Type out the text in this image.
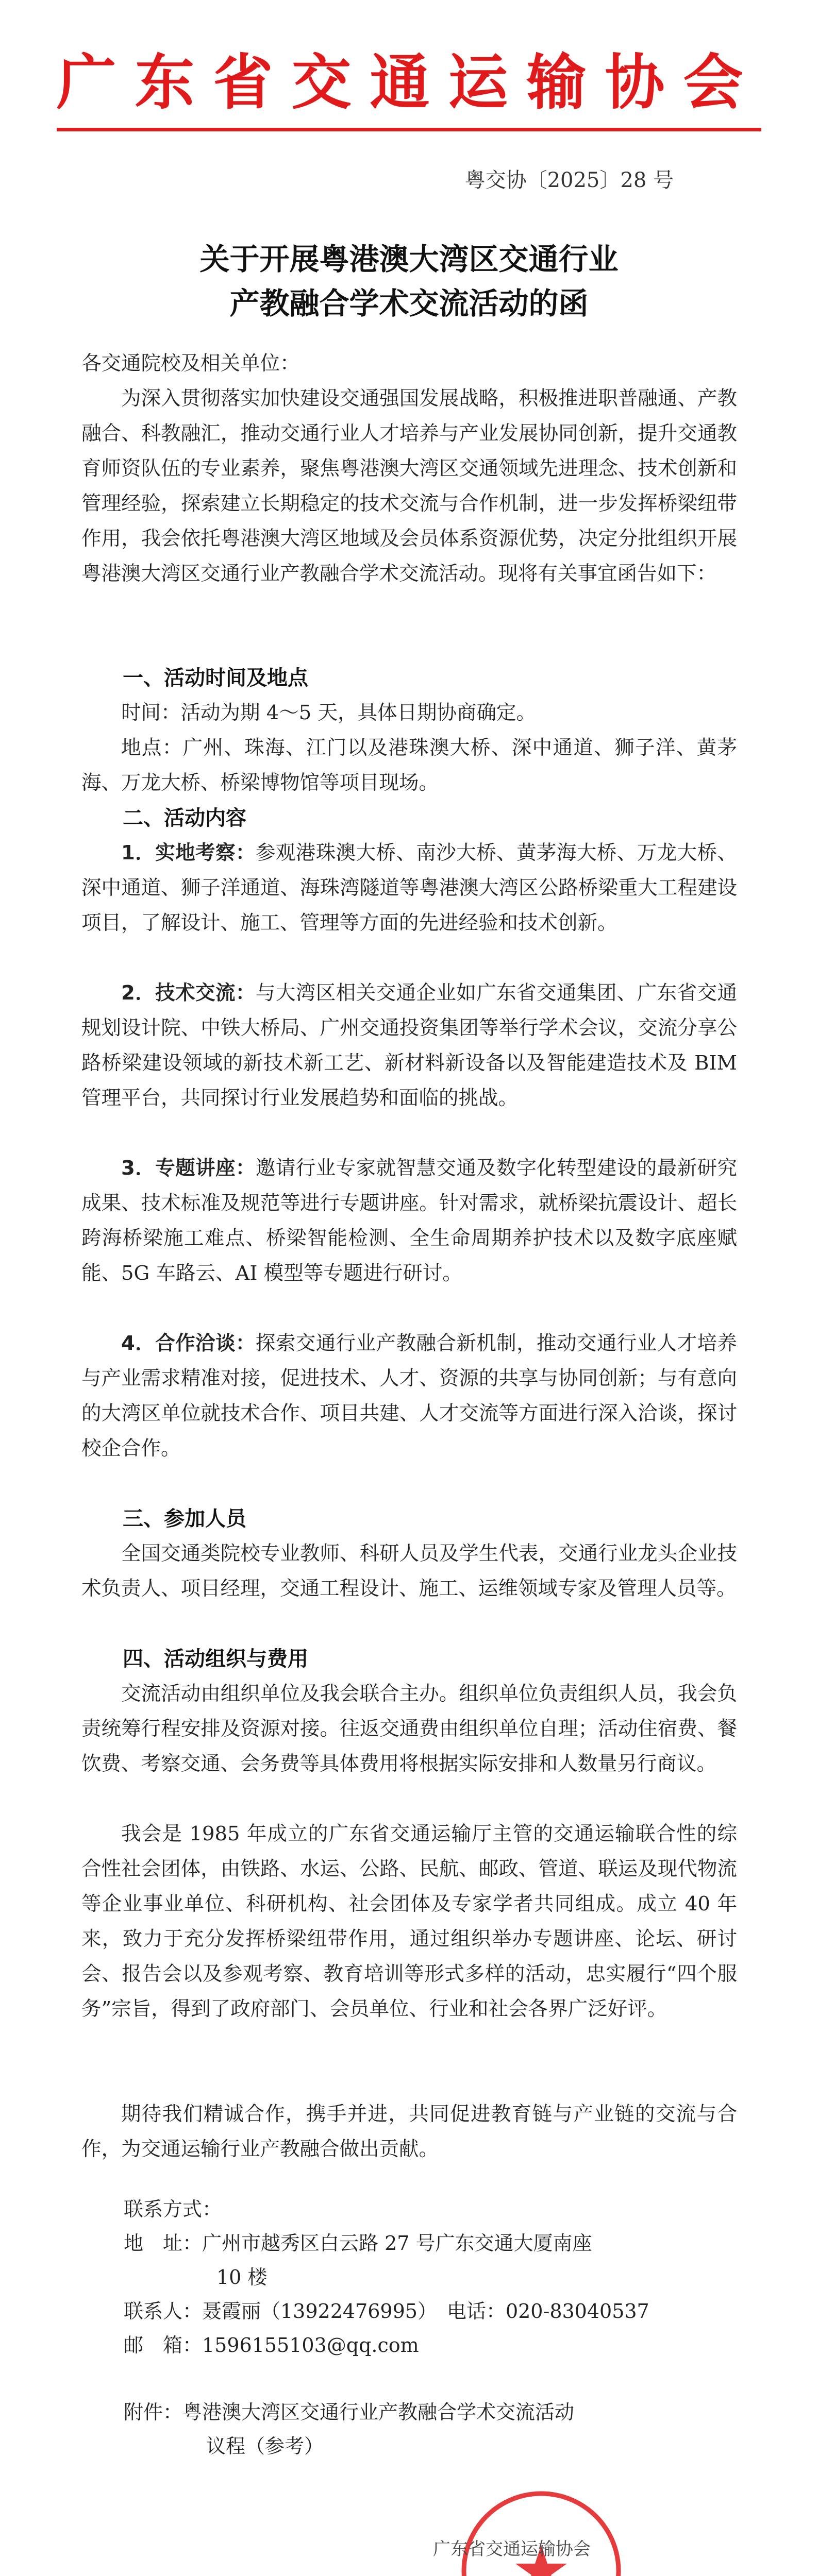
广东省交通运输协会
粤交协〔2025〕28 号
关于开展粤港澳大湾区交通行业
产教融合学术交流活动的函
各交通院校及相关单位：
为深入贯彻落实加快建设交通强国发展战略，积极推进职普融通、产教融合、科教融汇，推动交通行业人才培养与产业发展协同创新，提升交通教育师资队伍的专业素养，聚焦粤港澳大湾区交通领域先进理念、技术创新和管理经验，探索建立长期稳定的技术交流与合作机制，进一步发挥桥梁纽带作用，我会依托粤港澳大湾区地域及会员体系资源优势，决定分批组织开展粤港澳大湾区交通行业产教融合学术交流活动。现将有关事宜函告如下：
一、活动时间及地点
时间：活动为期 4～5 天，具体日期协商确定。
地点：广州、珠海、江门以及港珠澳大桥、深中通道、狮子洋、黄茅海、万龙大桥、桥梁博物馆等项目现场。
二、活动内容
1．实地考察：参观港珠澳大桥、南沙大桥、黄茅海大桥、万龙大桥、深中通道、狮子洋通道、海珠湾隧道等粤港澳大湾区公路桥梁重大工程建设项目，了解设计、施工、管理等方面的先进经验和技术创新。
2．技术交流：与大湾区相关交通企业如广东省交通集团、广东省交通规划设计院、中铁大桥局、广州交通投资集团等举行学术会议，交流分享公路桥梁建设领域的新技术新工艺、新材料新设备以及智能建造技术及 BIM 管理平台，共同探讨行业发展趋势和面临的挑战。
3．专题讲座：邀请行业专家就智慧交通及数字化转型建设的最新研究成果、技术标准及规范等进行专题讲座。针对需求，就桥梁抗震设计、超长跨海桥梁施工难点、桥梁智能检测、全生命周期养护技术以及数字底座赋能、5G 车路云、AI 模型等专题进行研讨。
4．合作洽谈：探索交通行业产教融合新机制，推动交通行业人才培养与产业需求精准对接，促进技术、人才、资源的共享与协同创新；与有意向的大湾区单位就技术合作、项目共建、人才交流等方面进行深入洽谈，探讨校企合作。
三、参加人员
全国交通类院校专业教师、科研人员及学生代表，交通行业龙头企业技术负责人、项目经理，交通工程设计、施工、运维领域专家及管理人员等。
四、活动组织与费用
交流活动由组织单位及我会联合主办。组织单位负责组织人员，我会负责统筹行程安排及资源对接。往返交通费由组织单位自理；活动住宿费、餐饮费、考察交通、会务费等具体费用将根据实际安排和人数量另行商议。
我会是 1985 年成立的广东省交通运输厅主管的交通运输联合性的综合性社会团体，由铁路、水运、公路、民航、邮政、管道、联运及现代物流等企业事业单位、科研机构、社会团体及专家学者共同组成。成立 40 年来，致力于充分发挥桥梁纽带作用，通过组织举办专题讲座、论坛、研讨会、报告会以及参观考察、教育培训等形式多样的活动，忠实履行“四个服务”宗旨，得到了政府部门、会员单位、行业和社会各界广泛好评。
期待我们精诚合作，携手并进，共同促进教育链与产业链的交流与合作，为交通运输行业产教融合做出贡献。
联系方式：
地　址：广州市越秀区白云路 27 号广东交通大厦南座
10 楼
联系人：聂霞丽（13922476995）　电话：020-83040537
邮　箱：1596155103@qq.com
附件：粤港澳大湾区交通行业产教融合学术交流活动
议程（参考）
广东省交通运输协会
